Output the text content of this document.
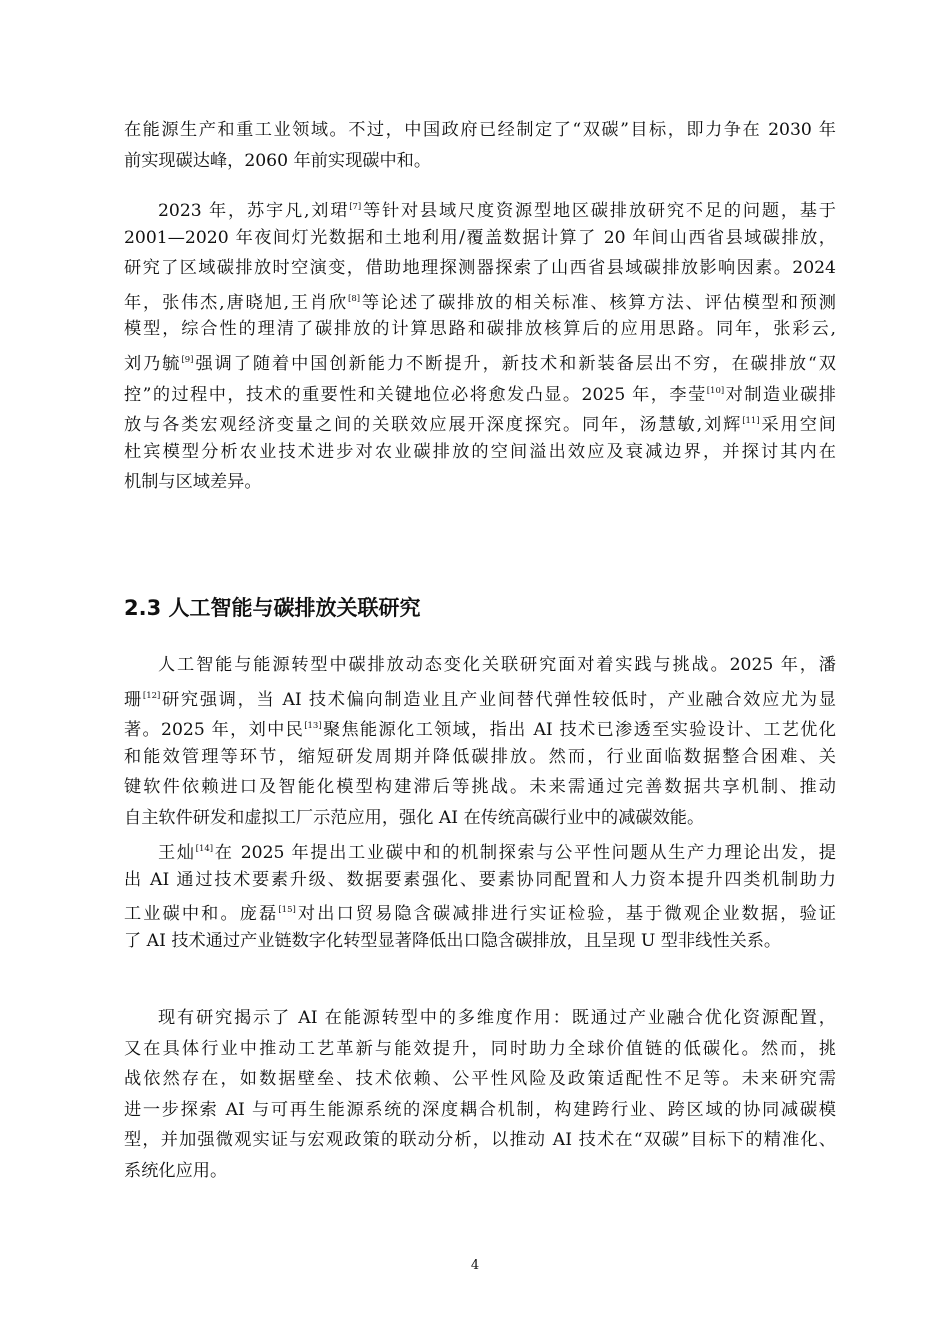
在能源生产和重工业领域。不过，中国政府已经制定了“双碳”目标，即力争在 2030 年
前实现碳达峰，2060 年前实现碳中和。
2023 年，苏宇凡,刘珺[7]等针对县域尺度资源型地区碳排放研究不足的问题，基于
2001—2020 年夜间灯光数据和土地利用/覆盖数据计算了 20 年间山西省县域碳排放，
研究了区域碳排放时空演变，借助地理探测器探索了山西省县域碳排放影响因素。2024
年，张伟杰,唐晓旭,王肖欣[8]等论述了碳排放的相关标准、核算方法、评估模型和预测
模型，综合性的理清了碳排放的计算思路和碳排放核算后的应用思路。同年，张彩云,
刘乃毓[9]强调了随着中国创新能力不断提升，新技术和新装备层出不穷，在碳排放“双
控”的过程中，技术的重要性和关键地位必将愈发凸显。2025 年，李莹[10]对制造业碳排
放与各类宏观经济变量之间的关联效应展开深度探究。同年，汤慧敏,刘辉[11]采用空间
杜宾模型分析农业技术进步对农业碳排放的空间溢出效应及衰减边界，并探讨其内在
机制与区域差异。
2.3 人工智能与碳排放关联研究
人工智能与能源转型中碳排放动态变化关联研究面对着实践与挑战。2025 年，潘
珊[12]研究强调，当 AI 技术偏向制造业且产业间替代弹性较低时，产业融合效应尤为显
著。2025 年，刘中民[13]聚焦能源化工领域，指出 AI 技术已渗透至实验设计、工艺优化
和能效管理等环节，缩短研发周期并降低碳排放。然而，行业面临数据整合困难、关
键软件依赖进口及智能化模型构建滞后等挑战。未来需通过完善数据共享机制、推动
自主软件研发和虚拟工厂示范应用，强化 AI 在传统高碳行业中的减碳效能。
王灿[14]在 2025 年提出工业碳中和的机制探索与公平性问题从生产力理论出发，提
出 AI 通过技术要素升级、数据要素强化、要素协同配置和人力资本提升四类机制助力
工业碳中和。庞磊[15]对出口贸易隐含碳减排进行实证检验，基于微观企业数据，验证
了 AI 技术通过产业链数字化转型显著降低出口隐含碳排放，且呈现 U 型非线性关系。
现有研究揭示了 AI 在能源转型中的多维度作用：既通过产业融合优化资源配置，
又在具体行业中推动工艺革新与能效提升，同时助力全球价值链的低碳化。然而，挑
战依然存在，如数据壁垒、技术依赖、公平性风险及政策适配性不足等。未来研究需
进一步探索 AI 与可再生能源系统的深度耦合机制，构建跨行业、跨区域的协同减碳模
型，并加强微观实证与宏观政策的联动分析，以推动 AI 技术在“双碳”目标下的精准化、
系统化应用。
4
